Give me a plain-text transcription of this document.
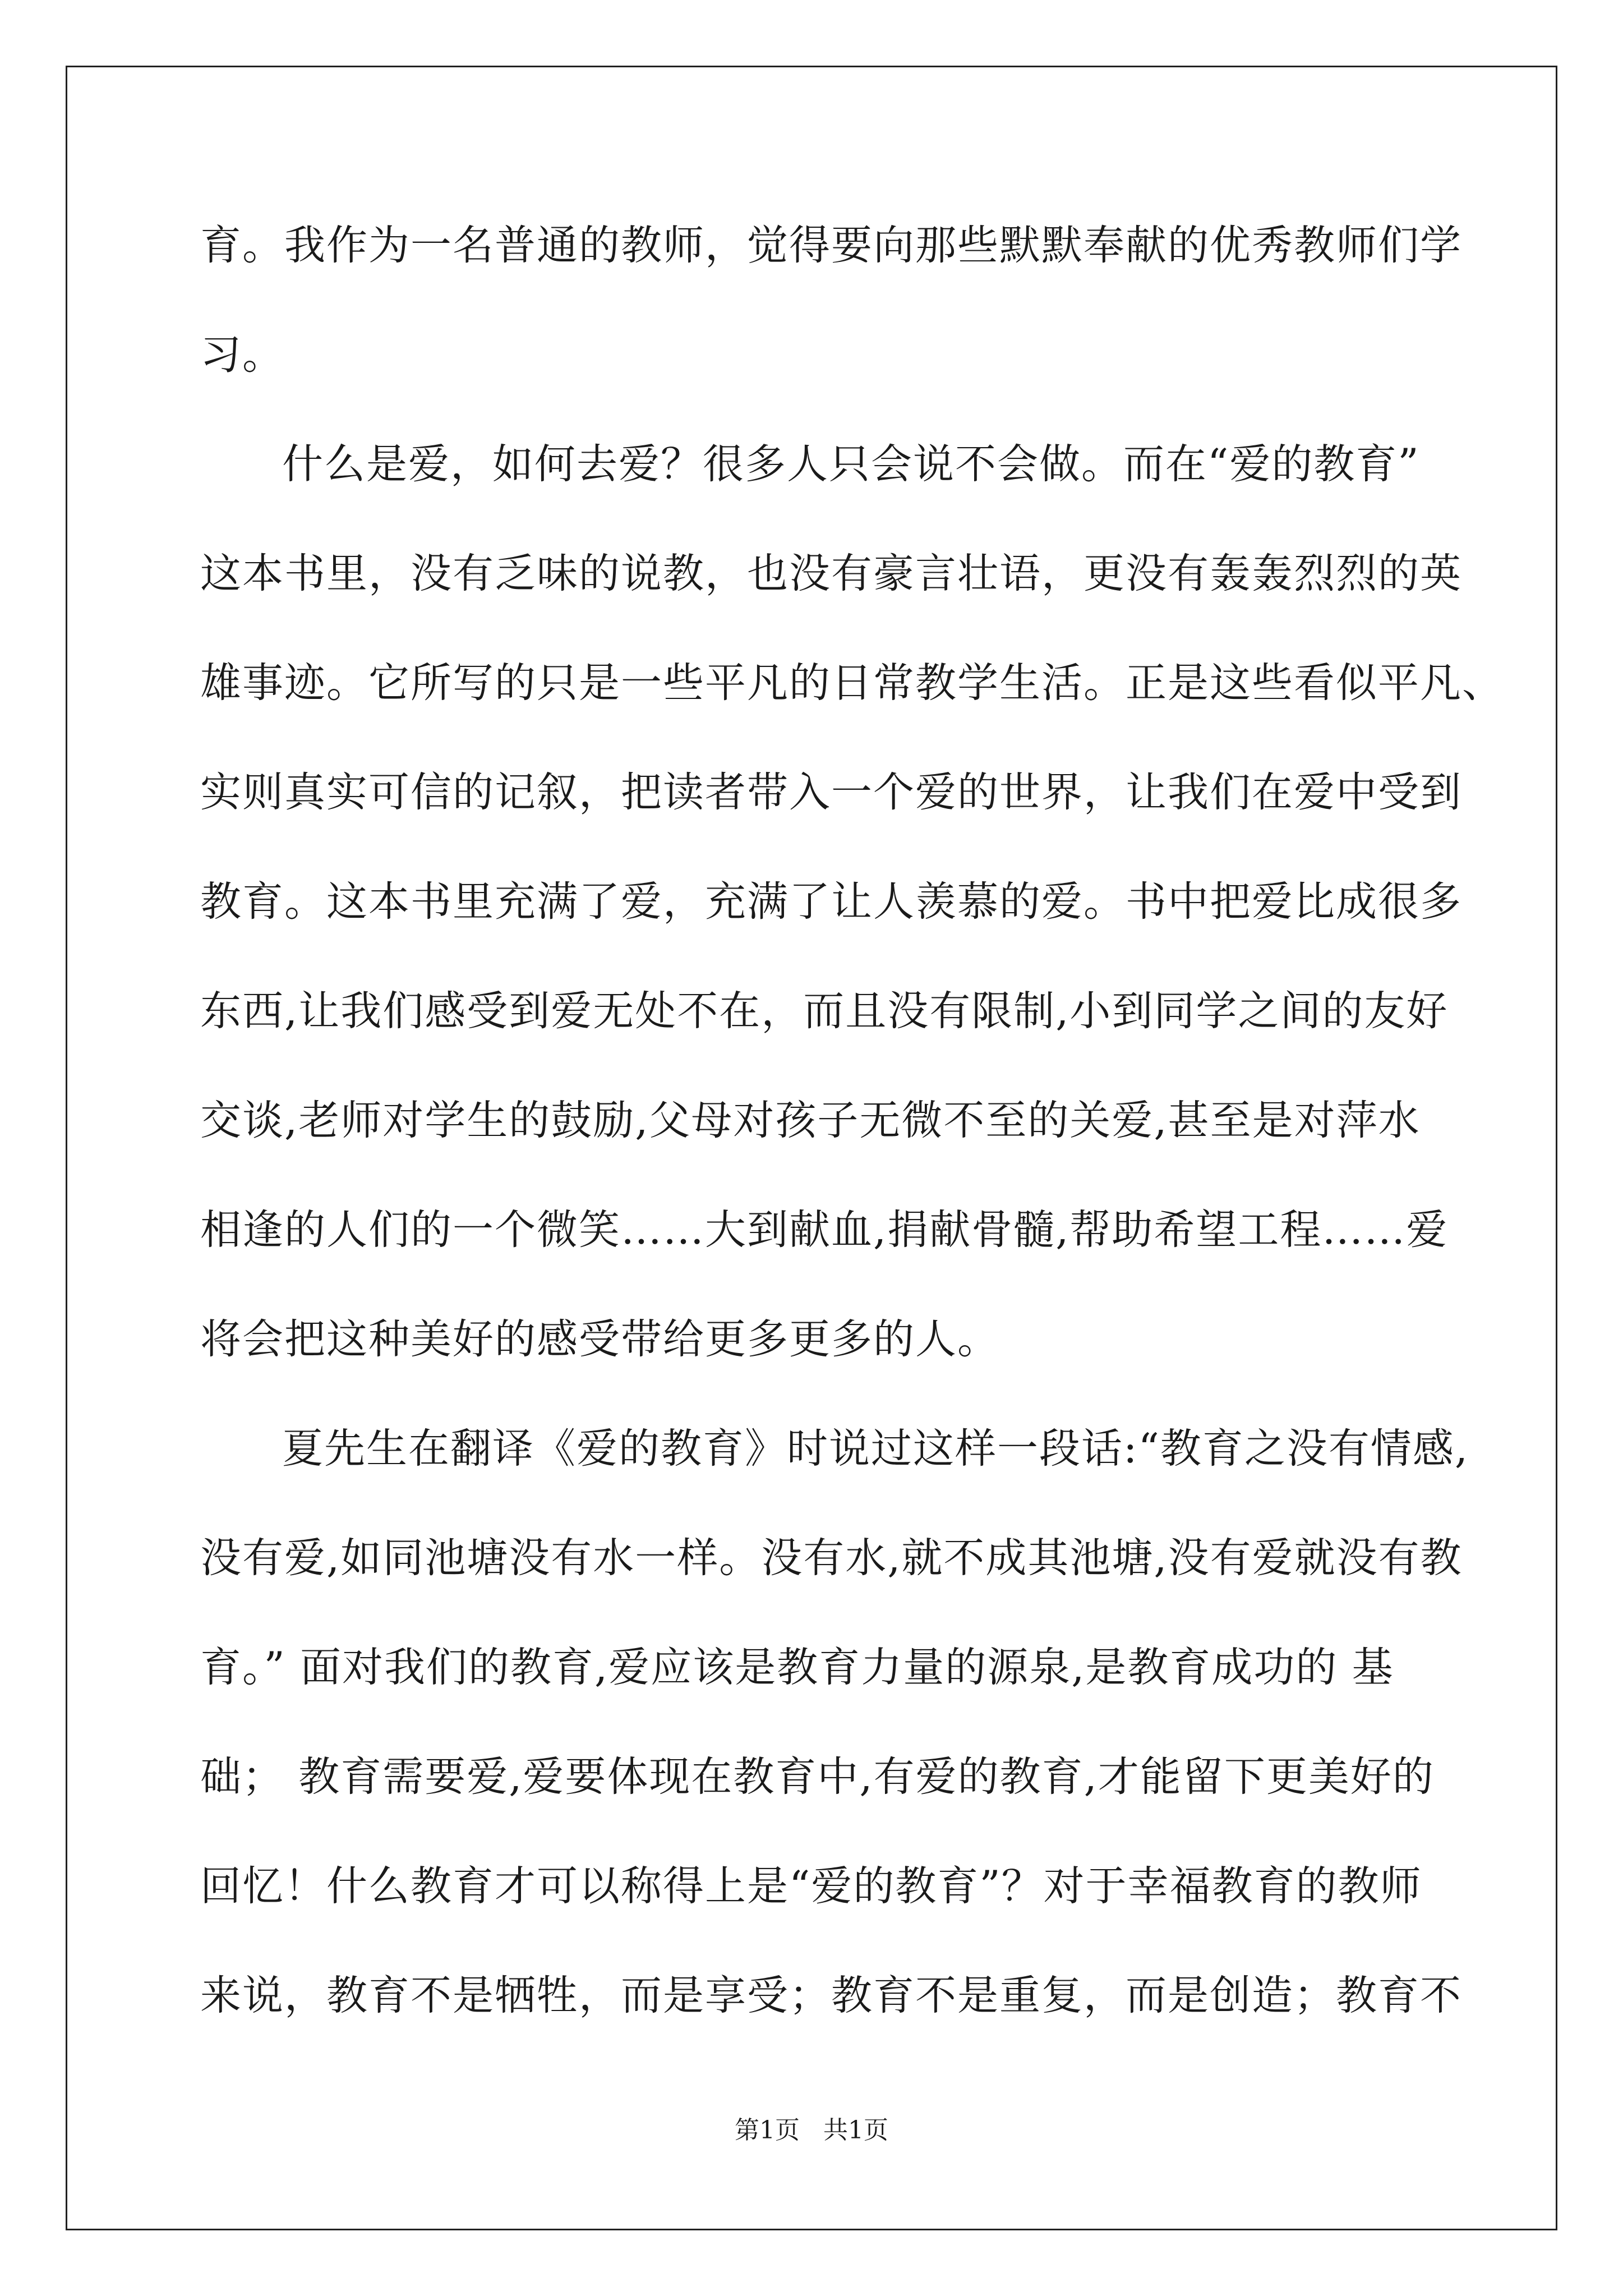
育。我作为一名普通的教师，觉得要向那些默默奉献的优秀教师们学
习。
什么是爱，如何去爱？很多人只会说不会做。而在“爱的教育”
这本书里，没有乏味的说教，也没有豪言壮语，更没有轰轰烈烈的英
雄事迹。它所写的只是一些平凡的日常教学生活。正是这些看似平凡、
实则真实可信的记叙，把读者带入一个爱的世界，让我们在爱中受到
教育。这本书里充满了爱，充满了让人羡慕的爱。书中把爱比成很多
东西,让我们感受到爱无处不在，而且没有限制,小到同学之间的友好
交谈,老师对学生的鼓励,父母对孩子无微不至的关爱,甚至是对萍水
相逢的人们的一个微笑……大到献血,捐献骨髓,帮助希望工程……爱
将会把这种美好的感受带给更多更多的人。
夏先生在翻译《爱的教育》时说过这样一段话:“教育之没有情感,
没有爱,如同池塘没有水一样。没有水,就不成其池塘,没有爱就没有教
育。” 面对我们的教育,爱应该是教育力量的源泉,是教育成功的 基
础； 教育需要爱,爱要体现在教育中,有爱的教育,才能留下更美好的
回忆！什么教育才可以称得上是“爱的教育”？对于幸福教育的教师
来说，教育不是牺牲，而是享受；教育不是重复，而是创造；教育不
第1页   共1页
